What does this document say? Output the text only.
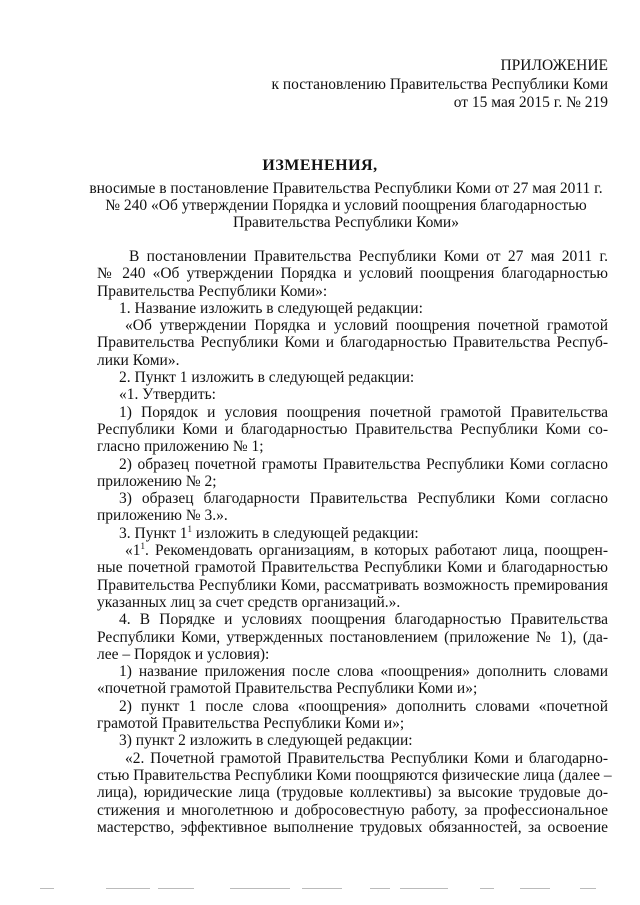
ПРИЛОЖЕНИЕ
к постановлению Правительства Республики Коми
от 15 мая 2015 г. № 219
ИЗМЕНЕНИЯ,
вносимые в постановление Правительства Республики Коми от 27 мая 2011 г.
№ 240 «Об утверждении Порядка и условий поощрения благодарностью
Правительства Республики Коми»
В постановлении Правительства Республики Коми от 27 мая 2011 г.
№ 240 «Об утверждении Порядка и условий поощрения благодарностью
Правительства Республики Коми»:
1. Название изложить в следующей редакции:
«Об утверждении Порядка и условий поощрения почетной грамотой
Правительства Республики Коми и благодарностью Правительства Респуб-
лики Коми».
2. Пункт 1 изложить в следующей редакции:
«1. Утвердить:
1) Порядок и условия поощрения почетной грамотой Правительства
Республики Коми и благодарностью Правительства Республики Коми со-
гласно приложению № 1;
2) образец почетной грамоты Правительства Республики Коми согласно
приложению № 2;
3) образец благодарности Правительства Республики Коми согласно
приложению № 3.».
3. Пункт $1^1$ изложить в следующей редакции:
«$1^1$. Рекомендовать организациям, в которых работают лица, поощрен-
ные почетной грамотой Правительства Республики Коми и благодарностью
Правительства Республики Коми, рассматривать возможность премирования
указанных лиц за счет средств организаций.».
4. В Порядке и условиях поощрения благодарностью Правительства
Республики Коми, утвержденных постановлением (приложение № 1), (да-
лее – Порядок и условия):
1) название приложения после слова «поощрения» дополнить словами
«почетной грамотой Правительства Республики Коми и»;
2) пункт 1 после слова «поощрения» дополнить словами «почетной
грамотой Правительства Республики Коми и»;
3) пункт 2 изложить в следующей редакции:
«2. Почетной грамотой Правительства Республики Коми и благодарно-
стью Правительства Республики Коми поощряются физические лица (далее –
лица), юридические лица (трудовые коллективы) за высокие трудовые до-
стижения и многолетнюю и добросовестную работу, за профессиональное
мастерство, эффективное выполнение трудовых обязанностей, за освоение
